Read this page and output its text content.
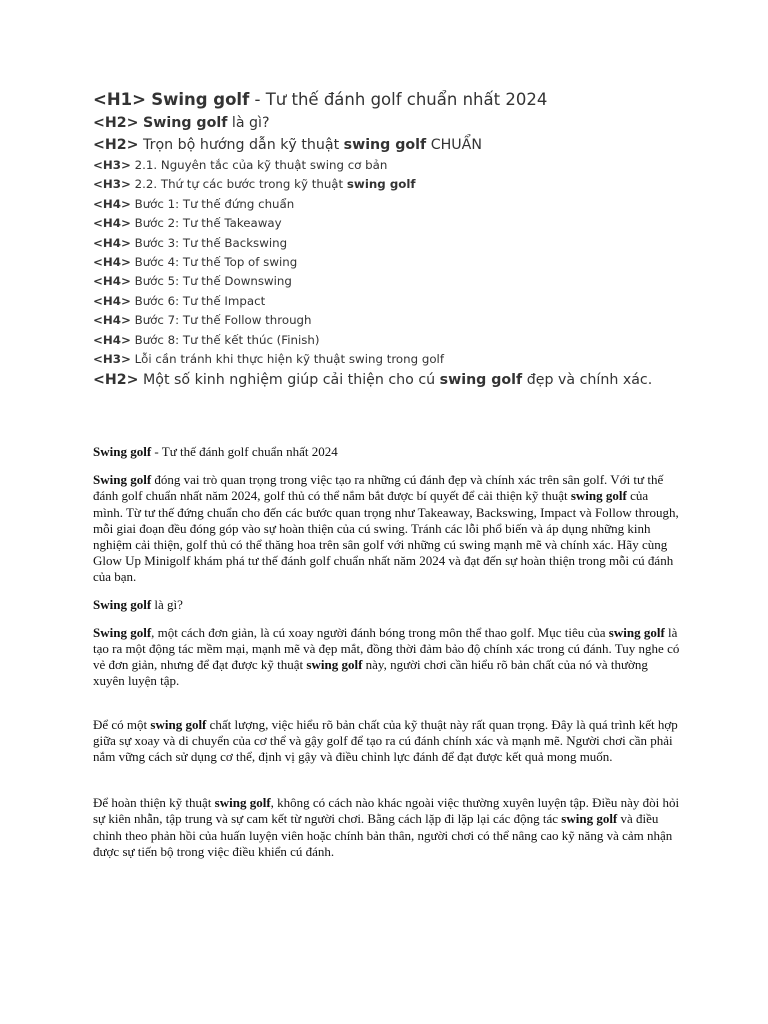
<H1> Swing golf - Tư thế đánh golf chuẩn nhất 2024
<H2> Swing golf là gì?
<H2> Trọn bộ hướng dẫn kỹ thuật swing golf CHUẨN
<H3> 2.1. Nguyên tắc của kỹ thuật swing cơ bản
<H3> 2.2. Thứ tự các bước trong kỹ thuật swing golf
<H4> Bước 1: Tư thế đứng chuẩn
<H4> Bước 2: Tư thế Takeaway
<H4> Bước 3: Tư thế Backswing
<H4> Bước 4: Tư thế Top of swing
<H4> Bước 5: Tư thế Downswing
<H4> Bước 6: Tư thế Impact
<H4> Bước 7: Tư thế Follow through
<H4> Bước 8: Tư thế kết thúc (Finish)
<H3> Lỗi cần tránh khi thực hiện kỹ thuật swing trong golf
<H2> Một số kinh nghiệm giúp cải thiện cho cú swing golf đẹp và chính xác.

Swing golf - Tư thế đánh golf chuẩn nhất 2024

Swing golf đóng vai trò quan trọng trong việc tạo ra những cú đánh đẹp và chính xác trên sân golf. Với tư thế đánh golf chuẩn nhất năm 2024, golf thủ có thể nắm bắt được bí quyết để cải thiện kỹ thuật swing golf của mình. Từ tư thế đứng chuẩn cho đến các bước quan trọng như Takeaway, Backswing, Impact và Follow through, mỗi giai đoạn đều đóng góp vào sự hoàn thiện của cú swing. Tránh các lỗi phổ biến và áp dụng những kinh nghiệm cải thiện, golf thủ có thể thăng hoa trên sân golf với những cú swing mạnh mẽ và chính xác. Hãy cùng Glow Up Minigolf khám phá tư thế đánh golf chuẩn nhất năm 2024 và đạt đến sự hoàn thiện trong mỗi cú đánh của bạn.

Swing golf là gì?

Swing golf, một cách đơn giản, là cú xoay người đánh bóng trong môn thể thao golf. Mục tiêu của swing golf là tạo ra một động tác mềm mại, mạnh mẽ và đẹp mắt, đồng thời đảm bảo độ chính xác trong cú đánh. Tuy nghe có vẻ đơn giản, nhưng để đạt được kỹ thuật swing golf này, người chơi cần hiểu rõ bản chất của nó và thường xuyên luyện tập.

Để có một swing golf chất lượng, việc hiểu rõ bản chất của kỹ thuật này rất quan trọng. Đây là quá trình kết hợp giữa sự xoay và di chuyển của cơ thể và gậy golf để tạo ra cú đánh chính xác và mạnh mẽ. Người chơi cần phải nắm vững cách sử dụng cơ thể, định vị gậy và điều chỉnh lực đánh để đạt được kết quả mong muốn.

Để hoàn thiện kỹ thuật swing golf, không có cách nào khác ngoài việc thường xuyên luyện tập. Điều này đòi hỏi sự kiên nhẫn, tập trung và sự cam kết từ người chơi. Bằng cách lặp đi lặp lại các động tác swing golf và điều chỉnh theo phản hồi của huấn luyện viên hoặc chính bản thân, người chơi có thể nâng cao kỹ năng và cảm nhận được sự tiến bộ trong việc điều khiển cú đánh.
